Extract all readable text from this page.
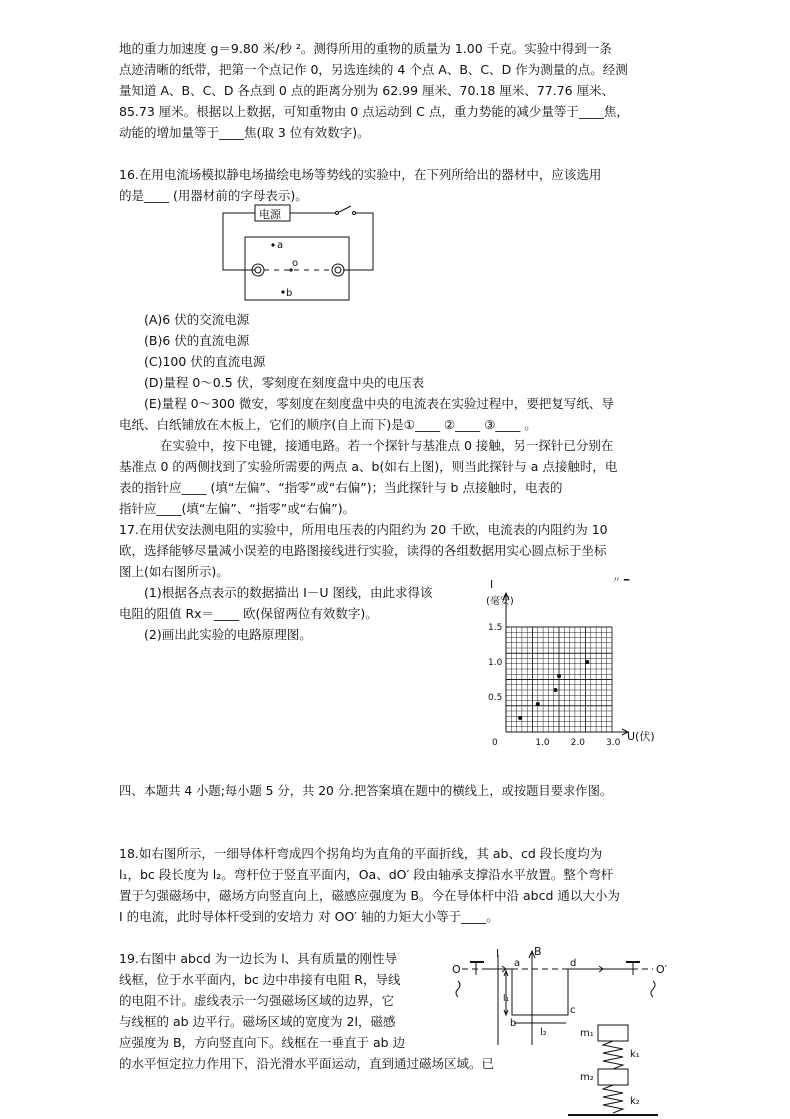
地的重力加速度 g＝9.80 米/秒 ²。测得所用的重物的质量为 1.00 千克。实验中得到一条
点迹清晰的纸带，把第一个点记作 0，另选连续的 4 个点 A、B、C、D 作为测量的点。经测
量知道 A、B、C、D 各点到 0 点的距离分别为 62.99 厘米、70.18 厘米、77.76 厘米、
85.73 厘米。根据以上数据，可知重物由 0 点运动到 C 点，重力势能的减少量等于____焦，
动能的增加量等于____焦(取 3 位有效数字)。
16.在用电流场模拟静电场描绘电场等势线的实验中，在下列所给出的器材中，应该选用
的是____ (用器材前的字母表示)。
电源
a
o
b
(A)6 伏的交流电源
(B)6 伏的直流电源
(C)100 伏的直流电源
(D)量程 0～0.5 伏，零刻度在刻度盘中央的电压表
(E)量程 0～300 微安，零刻度在刻度盘中央的电流表在实验过程中，要把复写纸、导
电纸、白纸铺放在木板上，它们的顺序(自上而下)是①____ ②____ ③____ 。
在实验中，按下电键，接通电路。若一个探针与基准点 0 接触，另一探针已分别在
基准点 0 的两侧找到了实验所需要的两点 a、b(如右上图)，则当此探针与 a 点接触时，电
表的指针应____ (填“左偏”、“指零”或“右偏”)；当此探针与 b 点接触时，电表的
指针应____(填“左偏”、“指零”或“右偏”)。
17.在用伏安法测电阻的实验中，所用电压表的内阻约为 20 千欧，电流表的内阻约为 10
欧，选择能够尽量减小误差的电路图接线进行实验，读得的各组数据用实心圆点标于坐标
图上(如右图所示)。
(1)根据各点表示的数据描出 I－U 图线，由此求得该
电阻的阻值 Rx＝____ 欧(保留两位有效数字)。
(2)画出此实验的电路原理图。
0	1.0 2.0 3.0
0.5
1.0
1.5
I
(毫安)
〃 ━
U(伏)
四、本题共 4 小题;每小题 5 分，共 20 分.把答案填在题中的横线上，或按题目要求作图。
18.如右图所示，一细导体杆弯成四个拐角均为直角的平面折线，其 ab、cd 段长度均为
l₁，bc 段长度为 l₂。弯杆位于竖直平面内，Oa、dO′ 段由轴承支撑沿水平放置。整个弯杆
置于匀强磁场中，磁场方向竖直向上，磁感应强度为 B。今在导体杆中沿 abcd 通以大小为
I 的电流，此时导体杆受到的安培力 对 OO′ 轴的力矩大小等于____。
19.右图中 abcd 为一边长为 l、具有质量的刚性导
线框，位于水平面内，bc 边中串接有电阻 R，导线
的电阻不计。虚线表示一匀强磁场区域的边界，它
与线框的 ab 边平行。磁场区域的宽度为 2l，磁感
应强度为 B，方向竖直向下。线框在一垂直于 ab 边
的水平恒定拉力作用下，沿光滑水平面运动，直到通过磁场区域。已
O	O′
I	B
a
b
c
d
l₁
l₂	m₁
m₂
k₁
k₂
